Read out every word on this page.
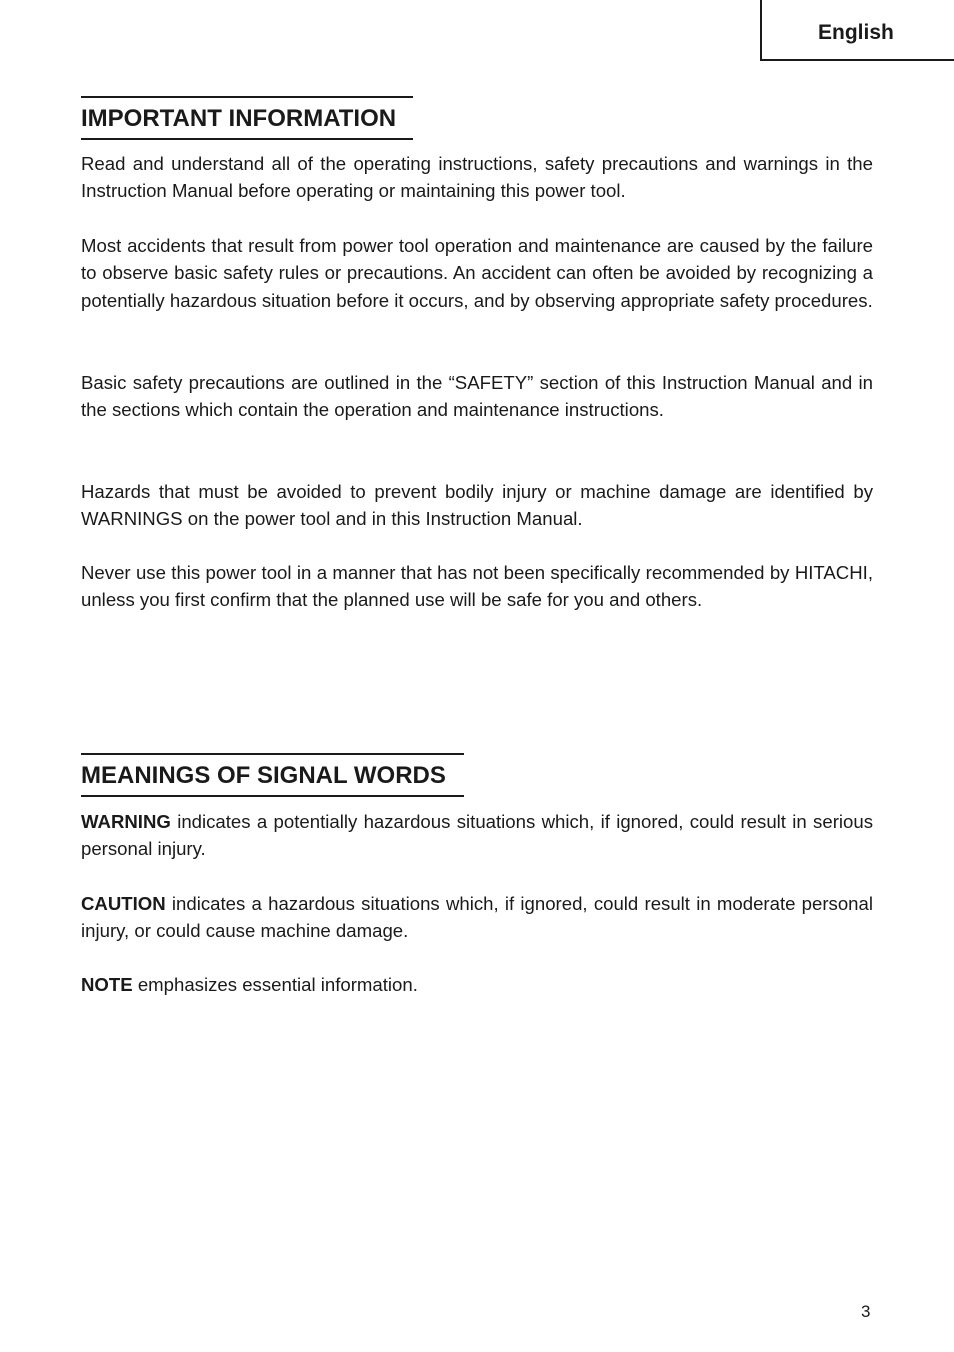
English
IMPORTANT INFORMATION

Read and understand all of the operating instructions, safety precautions and warnings in the Instruction Manual before operating or maintaining this power tool.

Most accidents that result from power tool operation and maintenance are caused by the failure to observe basic safety rules or precautions. An accident can often be avoided by recognizing a potentially hazardous situation before it occurs, and by observing appropriate safety procedures.

Basic safety precautions are outlined in the “SAFETY” section of this Instruction Manual and in the sections which contain the operation and maintenance instructions.

Hazards that must be avoided to prevent bodily injury or machine damage are identified by WARNINGS on the power tool and in this Instruction Manual.

Never use this power tool in a manner that has not been specifically recommended by HITACHI, unless you first confirm that the planned use will be safe for you and others.

MEANINGS OF SIGNAL WORDS

WARNING indicates a potentially hazardous situations which, if ignored, could result in serious personal injury.

CAUTION indicates a hazardous situations which, if ignored, could result in moderate personal injury, or could cause machine damage.

NOTE emphasizes essential information.

3
